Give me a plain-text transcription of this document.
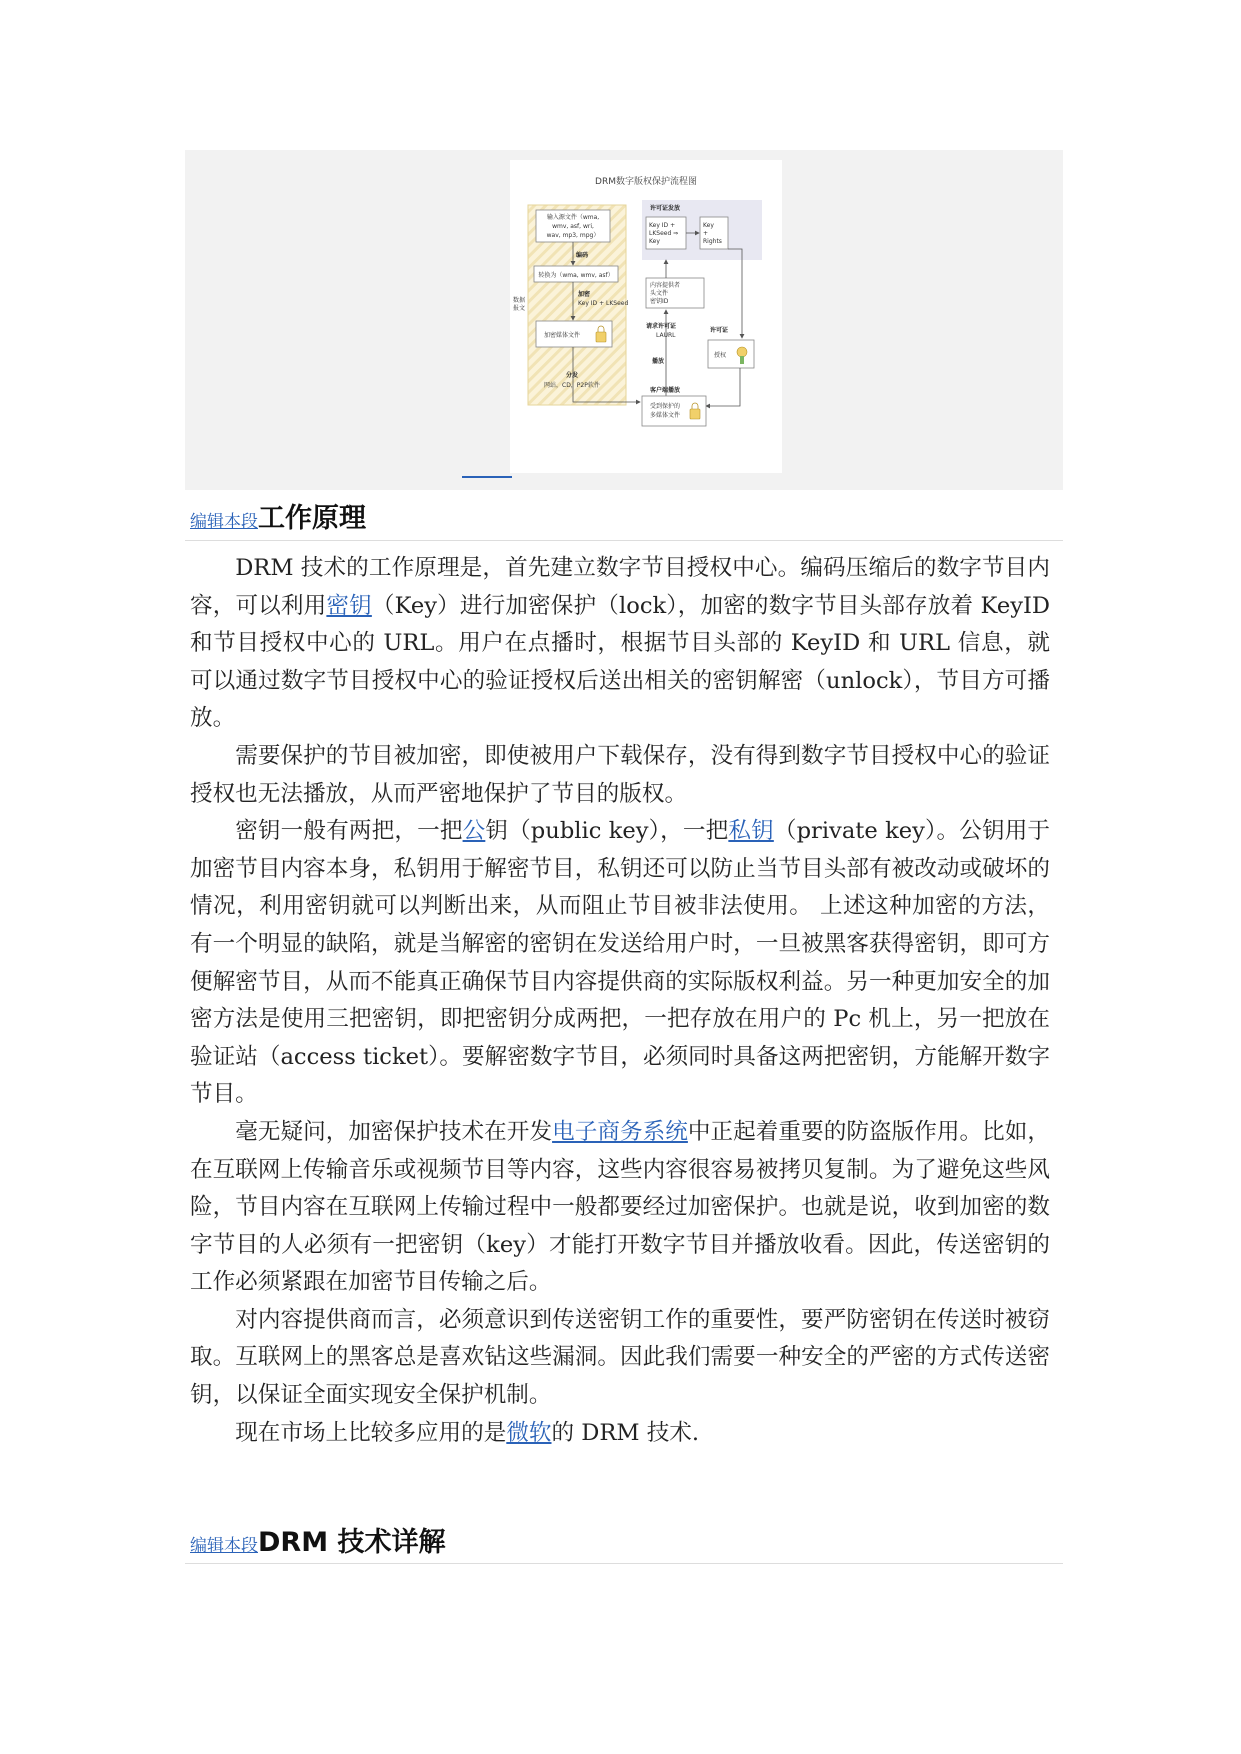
DRM数字版权保护流程图
输入源文件（wma,
wmv, asf, wri,
wav, mp3, mpg）
编码
转换为（wma, wmv, asf）
加密
Key ID + LKSeed
数据
报文
加密媒体文件
许可证发放
Key ID +
LKSeed ⇒
Key
Key
+
Rights
内容提供者
头文件
密钥ID
请求许可证
LAURL
播放
许可证
授权
分发
网站，CD，P2P软件
客户端播放
受到保护的
多媒体文件
编辑本段 工作原理

DRM 技术的工作原理是，首先建立数字节目授权中心。编码压缩后的数字节目内容，可以利用密钥（Key）进行加密保护（lock），加密的数字节目头部存放着 KeyID 和节目授权中心的 URL。用户在点播时，根据节目头部的 KeyID 和 URL 信息，就可以通过数字节目授权中心的验证授权后送出相关的密钥解密（unlock），节目方可播放。

需要保护的节目被加密，即使被用户下载保存，没有得到数字节目授权中心的验证授权也无法播放，从而严密地保护了节目的版权。

密钥一般有两把，一把公钥（public key），一把私钥（private key）。公钥用于加密节目内容本身，私钥用于解密节目，私钥还可以防止当节目头部有被改动或破坏的情况，利用密钥就可以判断出来，从而阻止节目被非法使用。 上述这种加密的方法，有一个明显的缺陷，就是当解密的密钥在发送给用户时，一旦被黑客获得密钥，即可方便解密节目，从而不能真正确保节目内容提供商的实际版权利益。另一种更加安全的加密方法是使用三把密钥，即把密钥分成两把，一把存放在用户的 Pc 机上，另一把放在验证站（access ticket）。要解密数字节目，必须同时具备这两把密钥，方能解开数字节目。

毫无疑问，加密保护技术在开发电子商务系统中正起着重要的防盗版作用。比如，在互联网上传输音乐或视频节目等内容，这些内容很容易被拷贝复制。为了避免这些风险，节目内容在互联网上传输过程中一般都要经过加密保护。也就是说，收到加密的数字节目的人必须有一把密钥（key）才能打开数字节目并播放收看。因此，传送密钥的工作必须紧跟在加密节目传输之后。

对内容提供商而言，必须意识到传送密钥工作的重要性，要严防密钥在传送时被窃取。互联网上的黑客总是喜欢钻这些漏洞。因此我们需要一种安全的严密的方式传送密钥，以保证全面实现安全保护机制。

现在市场上比较多应用的是微软的 DRM 技术.

编辑本段 DRM 技术详解
